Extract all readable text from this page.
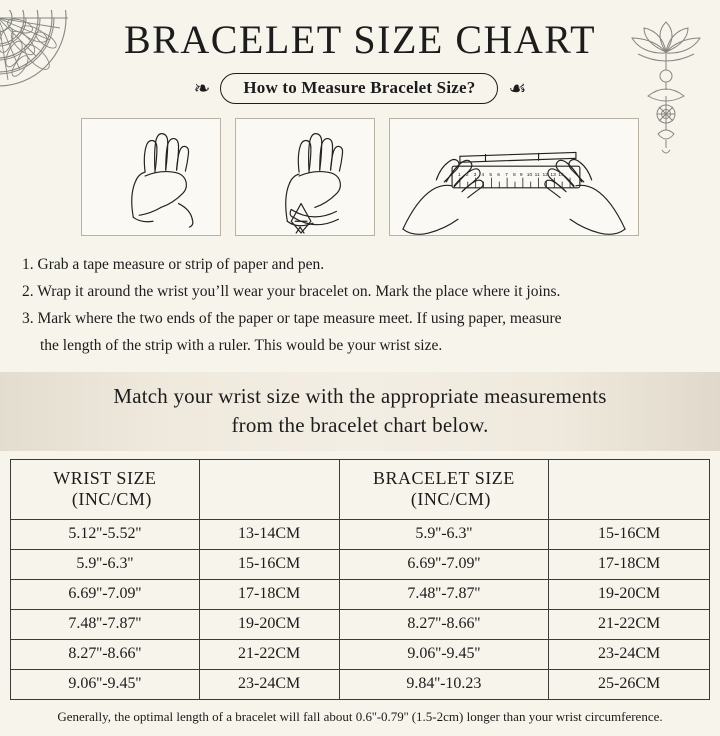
BRACELET SIZE CHART
❧	How to Measure Bracelet Size?	☙
1 2 3 4 5 6 7 8 9 10 11 12 13 14
1. Grab a tape measure or strip of paper and pen.
2. Wrap it around the wrist you’ll wear your bracelet on. Mark the place where it joins.
3. Mark where the two ends of the paper or tape measure meet. If using paper, measure
the length of the strip with a ruler. This would be your wrist size.
Match your wrist size with the appropriate measurements
from the bracelet chart below.
WRIST SIZE (INC/CM)		BRACELET SIZE (INC/CM)	
5.12''-5.52''	13-14CM	5.9''-6.3''	15-16CM
5.9''-6.3''	15-16CM	6.69''-7.09''	17-18CM
6.69''-7.09''	17-18CM	7.48''-7.87''	19-20CM
7.48''-7.87''	19-20CM	8.27''-8.66''	21-22CM
8.27''-8.66''	21-22CM	9.06''-9.45''	23-24CM
9.06''-9.45''	23-24CM	9.84''-10.23	25-26CM
Generally, the optimal length of a bracelet will fall about 0.6''-0.79'' (1.5-2cm) longer than your wrist circumference.
